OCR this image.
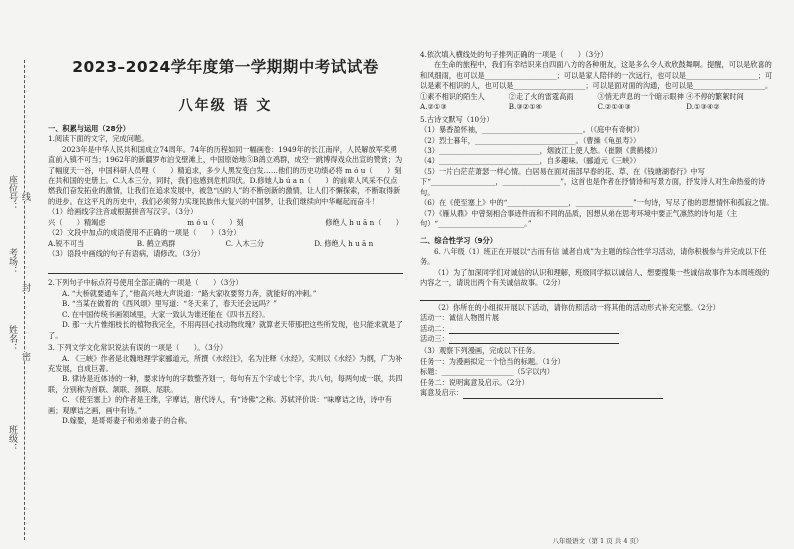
座位号：
考场：
姓名：
班级：
线
封
密
2023–2024学年度第一学期期中考试试卷
八年级 语 文
一、积累与运用（28分）

1.阅读下面的文字，完成问题。

2023年是中华人民共和国成立74周年。74年的历程如同一幅画卷：1949年的长江南岸，人民解放军奖勇直前入镇不可当；1962年的新疆罗布泊戈壁滩上，中国原始地⑤B鸽立鸡群，成空一跳博得戏众出宣的赞赏；为了幅度天一谷，中国科研人员哩（　　）精追求，多少人黑发变白发……他们的历史功绩必将 m ó u（　　）刻在共和国的史册上。C.人本三分，同时，我们也感到危机四伏。D.修她人b ú a n（　　）的前辈人风采不仅点燃我们奋发拓业的激情，让我们在追求发展中，被急“凶的人”的不断创新的激情，让人们不懈探索，不断取得新的进步。在这平凡的历史中，我们必须努力实现民族伟大复兴的中国梦，让我们继续向中华崛起而奋斗！

（1）给画线字注音或根据拼音写汉字。（3分）

兴（　　）精竭虑	m ó u（　　）刻	修绝人 h u ā n（　　）

（2）文段中加点的成语使用不正确的一项是（　　）（3分）

A.锐不可当	B. 鹤立鸡群	C. 入木三分	D. 修绝人 h u ā n

（3）语段中画线的句子有语病，请修改。（3分）

2.下列句子中标点符号使用全部正确的一项是（　　）（3分）

A. “大桥就要通车了，”他高兴地大声说道：“路大家收要努力奔，就能好的冲刺。”

B. “当某在做着的《西风颂》里写道：“冬天来了，春天还会远吗？”

C. 在中国传统书画领域里，大家一致认为谁还能在《四书五经》。

D. 那一大片惟细枝长的植物我完全，不用再回心找动物玫瑰？就算老天带那把这些所发现，也只能求就是了了。

3. 下列文学文化常识说法有误的一项是（　　）。（3分）

A. 《三峡》作者是北魏地理学家郦道元，所撰《水经注》，名为注释《水经》，实则以《水经》为纲，广为补充发展，自成巨著。

B. 律诗是近体诗的一种，要求诗句的字数整齐划一，每句有五个字或七个字，共八句，每两句成一联，共四联，分别称为首联、颔联、颈联、尾联。

C. 《使至塞上》的作者是王维，字摩诘，唐代诗人，有“诗佛”之称。苏轼评价说：“味摩诘之诗，诗中有画；观摩诘之画，画中有诗。”

D.嫁娶，是哥哥妻子和弟弟妻子的合称。

4.依次填入横线处的句子排列正确的一项是（　　）（3分）

在生命的旅程中，我们有幸结识来自四面八方的各种朋友，这是多么令人欢欣鼓舞啊。提醒，可以是欣喜的和风细雨，也可以是____________________；可以是家人陪伴的一次远行，也可以是____________________；可以是素不相识的人，也可以是____________________；可以是面对面的沟通，也可以是____________________。

①素不相识的陌生人	②走了火的雷霆高雨	③悄无声息的一个暗示眼神 ④不停的繁絮时间
A.②①③	B.③②①④	C.②①④③	D.①③④②

5.古诗文默写（10分）

（1）暴香盈怀袖，____________________________。（《庭中有奇树》）

（2）烈士暮年，____________________________。（曹操《龟虽寿》）

（3）____________________________，烟波江上使人愁。（崔颢《黄鹤楼》）

（4）____________________________，自多趣味。（郦道元《三峡》）

（5）一片白茫茫萧瑟一样心情。白居易在面对南部早春的花、草、在《钱塘湖春行》中写下“__________________，________________”，这首也是作者在抒情诗和写景方面，抒发诗人对生命热爱的诗句。

（6）在《使至塞上》中的“_________________，________________”一句诗，写尽了他的思想情怀和孤寂之情。

（7）《雁从鼎》中曾刻相合事迹件而和不同的品质，因想从弟在思考环境中要正气凛然的诗句是（主句）“________________________。”

二、综合性学习（9分）

6. 八年级（1）班正在开展以“古而有信 诚者自成”为主题的综合性学习活动，请你积极参与并完成以下任务。

（1）为了加深同学们对诚信的认识和理解，班级同学拟以诚信人、想要搜集一些诚信故事作为本周班级的内容之一，请说出两个有关诚信故事。（2分）

（2）你所在的小组拟开展以下活动，请你仿照活动一将其他的活动形式补充完整。（2分）

活动一：诚信人物图片展

活动二：

活动三：

（3）观察下列漫画，完成以下任务。

任务一：为漫画拟定一个恰当的标题。（1分）

标题：____________________（5字以内）

任务二：说明寓意及启示。（2分）

寓意及启示：

八年级语文（第 1 页 共 4 页）
